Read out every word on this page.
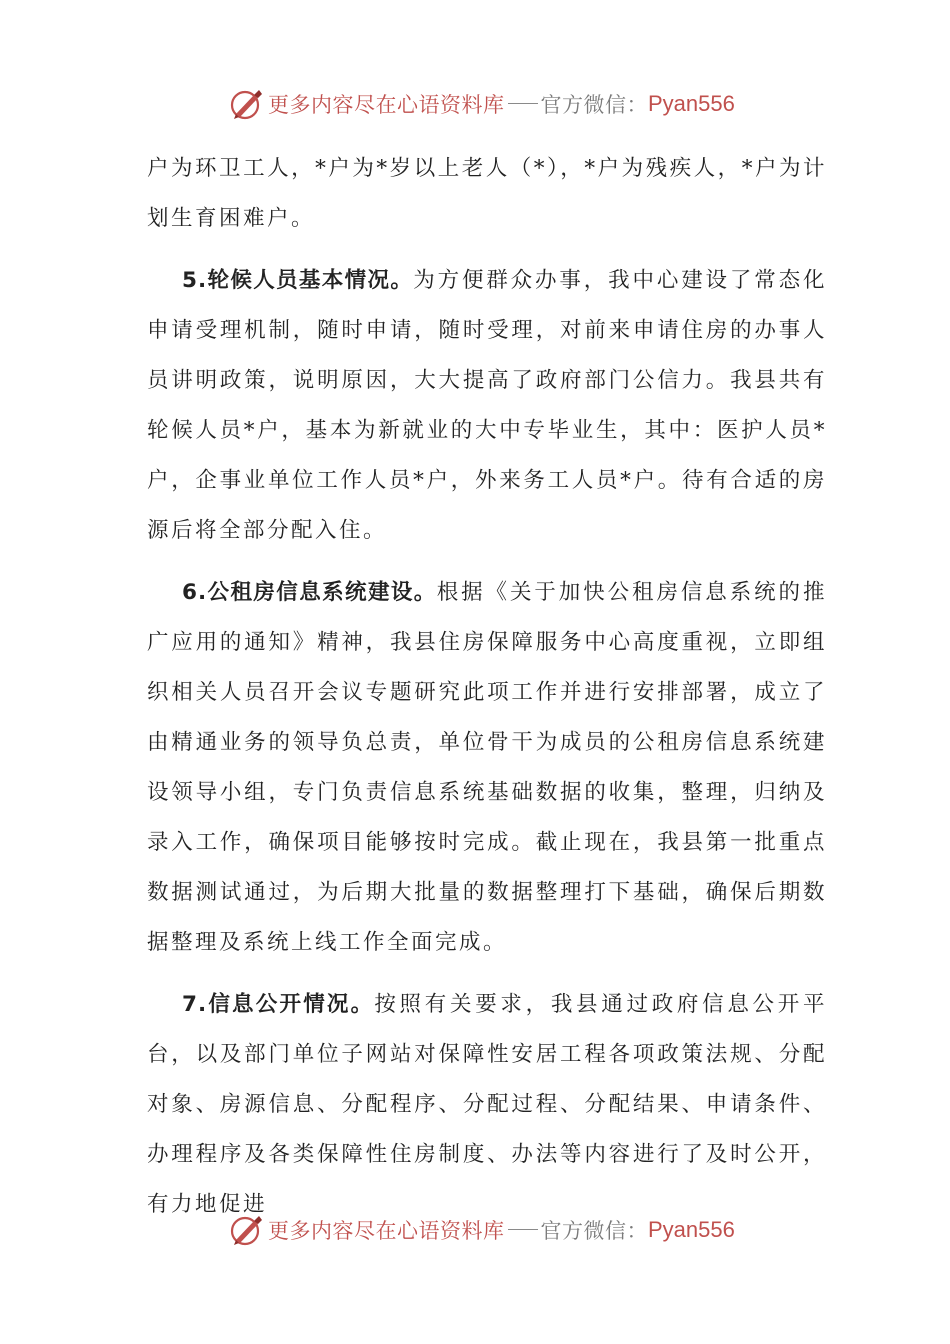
更多内容尽在心语资料库 官方微信： Pyan556

户为环卫工人，*户为*岁以上老人（*），*户为残疾人，*户为计划生育困难户。

5.轮候人员基本情况。为方便群众办事，我中心建设了常态化申请受理机制，随时申请，随时受理，对前来申请住房的办事人员讲明政策，说明原因，大大提高了政府部门公信力。我县共有轮候人员*户，基本为新就业的大中专毕业生，其中：医护人员*户，企事业单位工作人员*户，外来务工人员*户。待有合适的房源后将全部分配入住。

6.公租房信息系统建设。根据《关于加快公租房信息系统的推广应用的通知》精神，我县住房保障服务中心高度重视，立即组织相关人员召开会议专题研究此项工作并进行安排部署，成立了由精通业务的领导负总责，单位骨干为成员的公租房信息系统建设领导小组，专门负责信息系统基础数据的收集，整理，归纳及录入工作，确保项目能够按时完成。截止现在，我县第一批重点数据测试通过，为后期大批量的数据整理打下基础，确保后期数据整理及系统上线工作全面完成。

7.信息公开情况。按照有关要求，我县通过政府信息公开平台，以及部门单位子网站对保障性安居工程各项政策法规、分配对象、房源信息、分配程序、分配过程、分配结果、申请条件、办理程序及各类保障性住房制度、办法等内容进行了及时公开，有力地促进

更多内容尽在心语资料库 官方微信： Pyan556
